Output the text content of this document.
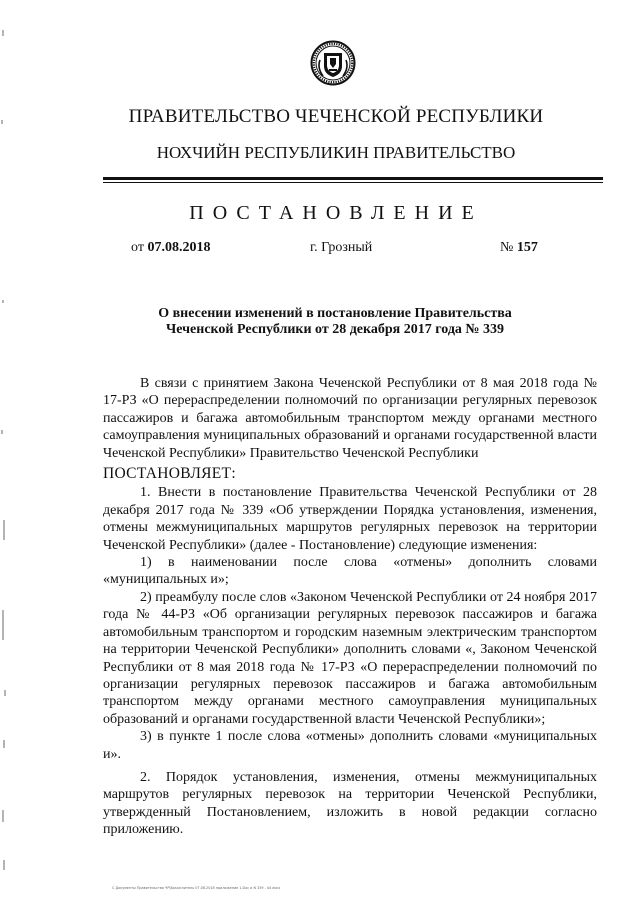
ПРАВИТЕЛЬСТВО ЧЕЧЕНСКОЙ РЕСПУБЛИКИ
НОХЧИЙН РЕСПУБЛИКИН ПРАВИТЕЛЬСТВО
ПОСТАНОВЛЕНИЕ
от 07.08.2018	г. Грозный	№ 157
О внесении изменений в постановление Правительства
Чеченской Республики от 28 декабря 2017 года № 339

В связи с принятием Закона Чеченской Республики от 8 мая 2018 года № 17-РЗ «О перераспределении полномочий по организации регулярных перевозок пассажиров и багажа автомобильным транспортом между органами местного самоуправления муниципальных образований и органами государственной власти Чеченской Республики» Правительство Чеченской Республики

ПОСТАНОВЛЯЕТ:

1. Внести в постановление Правительства Чеченской Республики от 28 декабря 2017 года № 339 «Об утверждении Порядка установления, изменения, отмены межмуниципальных маршрутов регулярных перевозок на территории Чеченской Республики» (далее - Постановление) следующие изменения:

1) в наименовании после слова «отмены» дополнить словами «муниципальных и»;

2) преамбулу после слов «Законом Чеченской Республики от 24 ноября 2017 года № 44-РЗ «Об организации регулярных перевозок пассажиров и багажа автомобильным транспортом и городским наземным электрическим транспортом на территории Чеченской Республики» дополнить словами «, Законом Чеченской Республики от 8 мая 2018 года № 17-РЗ «О перераспределении полномочий по организации регулярных перевозок пассажиров и багажа автомобильным транспортом между органами местного самоуправления муниципальных образований и органами государственной власти Чеченской Республики»;

3) в пункте 1 после слова «отмены» дополнить словами «муниципальных и».

2. Порядок установления, изменения, отмены межмуниципальных маршрутов регулярных перевозок на территории Чеченской Республики, утвержденный Постановлением, изложить в новой редакции согласно приложению.

С Документы Правительства ЧР\Вычислитель 07.08.2018 приложение 1.Doc и N 339 - 44 docx
